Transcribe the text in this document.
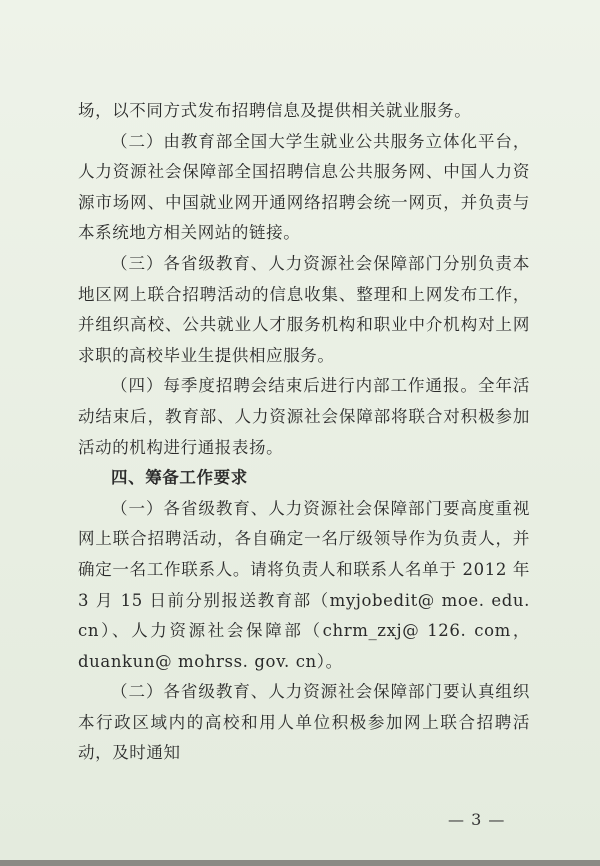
场，以不同方式发布招聘信息及提供相关就业服务。

（二）由教育部全国大学生就业公共服务立体化平台，人力资源社会保障部全国招聘信息公共服务网、中国人力资源市场网、中国就业网开通网络招聘会统一网页，并负责与本系统地方相关网站的链接。

（三）各省级教育、人力资源社会保障部门分别负责本地区网上联合招聘活动的信息收集、整理和上网发布工作，并组织高校、公共就业人才服务机构和职业中介机构对上网求职的高校毕业生提供相应服务。

（四）每季度招聘会结束后进行内部工作通报。全年活动结束后，教育部、人力资源社会保障部将联合对积极参加活动的机构进行通报表扬。

四、筹备工作要求

（一）各省级教育、人力资源社会保障部门要高度重视网上联合招聘活动，各自确定一名厅级领导作为负责人，并确定一名工作联系人。请将负责人和联系人名单于 2012 年 3 月 15 日前分别报送教育部（myjobedit@ moe. edu. cn）、人力资源社会保障部（chrm_zxj@ 126. com，duankun@ mohrss. gov. cn）。

（二）各省级教育、人力资源社会保障部门要认真组织本行政区域内的高校和用人单位积极参加网上联合招聘活动，及时通知

— 3 —
